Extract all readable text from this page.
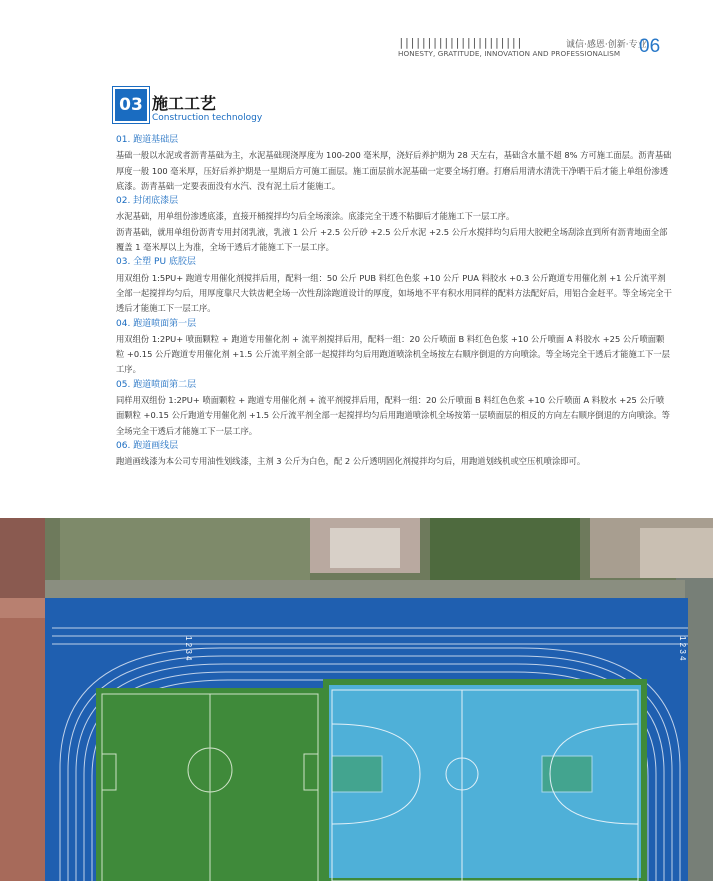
||||||||||||||||||||||	诚信·感恩·创新·专业
HONESTY, GRATITUDE, INNOVATION AND PROFESSIONALISM 06
03 施工工艺
Construction technology
01. 跑道基础层
基础一般以水泥或者沥青基础为主，水泥基础现浇厚度为 100-200 毫米厚，浇好后养护期为 28 天左右，基础含水量不超 8% 方可施工面层。沥青基础厚度一般 100 毫米厚，压好后养护期是一星期后方可施工面层。施工面层前水泥基础一定要全场打磨。打磨后用清水清洗干净晒干后才能上单组份渗透底漆。沥青基础一定要表面没有水汽、没有泥土后才能施工。
02. 封闭底漆层
水泥基础，用单组份渗透底漆，直接开桶搅拌均匀后全场滚涂。底漆完全干透不粘脚后才能施工下一层工序。
沥青基础，就用单组份沥青专用封闭乳液，乳液 1 公斤 +2.5 公斤砂 +2.5 公斤水泥 +2.5 公斤水搅拌均匀后用大胶耙全场刮涂直到所有沥青地面全部覆盖 1 毫米厚以上为准，全场干透后才能施工下一层工序。
03. 全塑 PU 底胶层
用双组份 1:5PU+ 跑道专用催化剂搅拌后用，配料一组：50 公斤 PUB 料红色色浆 +10 公斤 PUA 料胶水 +0.3 公斤跑道专用催化剂 +1 公斤流平剂全部一起搅拌均匀后，用厚度靠尺大铁齿耙全场一次性刮涂跑道设计的厚度，如场地不平有积水用同样的配料方法配好后，用铝合金赶平。等全场完全干透后才能施工下一层工序。
04. 跑道喷面第一层
用双组份 1:2PU+ 喷面颗粒 + 跑道专用催化剂 + 流平剂搅拌后用，配料一组：20 公斤喷面 B 料红色色浆 +10 公斤喷面 A 料胶水 +25 公斤喷面颗粒 +0.15 公斤跑道专用催化剂 +1.5 公斤流平剂全部一起搅拌均匀后用跑道喷涂机全场按左右顺序倒退的方向喷涂。等全场完全干透后才能施工下一层工序。
05. 跑道喷面第二层
同样用双组份 1:2PU+ 喷面颗粒 + 跑道专用催化剂 + 流平剂搅拌后用，配料一组：20 公斤喷面 B 料红色色浆 +10 公斤喷面 A 料胶水 +25 公斤喷面颗粒 +0.15 公斤跑道专用催化剂 +1.5 公斤流平剂全部一起搅拌均匀后用跑道喷涂机全场按第一层喷面层的相反的方向左右顺序倒退的方向喷涂。等全场完全干透后才能施工下一层工序。
06. 跑道画线层
跑道画线漆为本公司专用油性划线漆，主剂 3 公斤为白色，配 2 公斤透明固化剂搅拌均匀后，用跑道划线机或空压机喷涂即可。
1 2 3 4	1 2 3 4
